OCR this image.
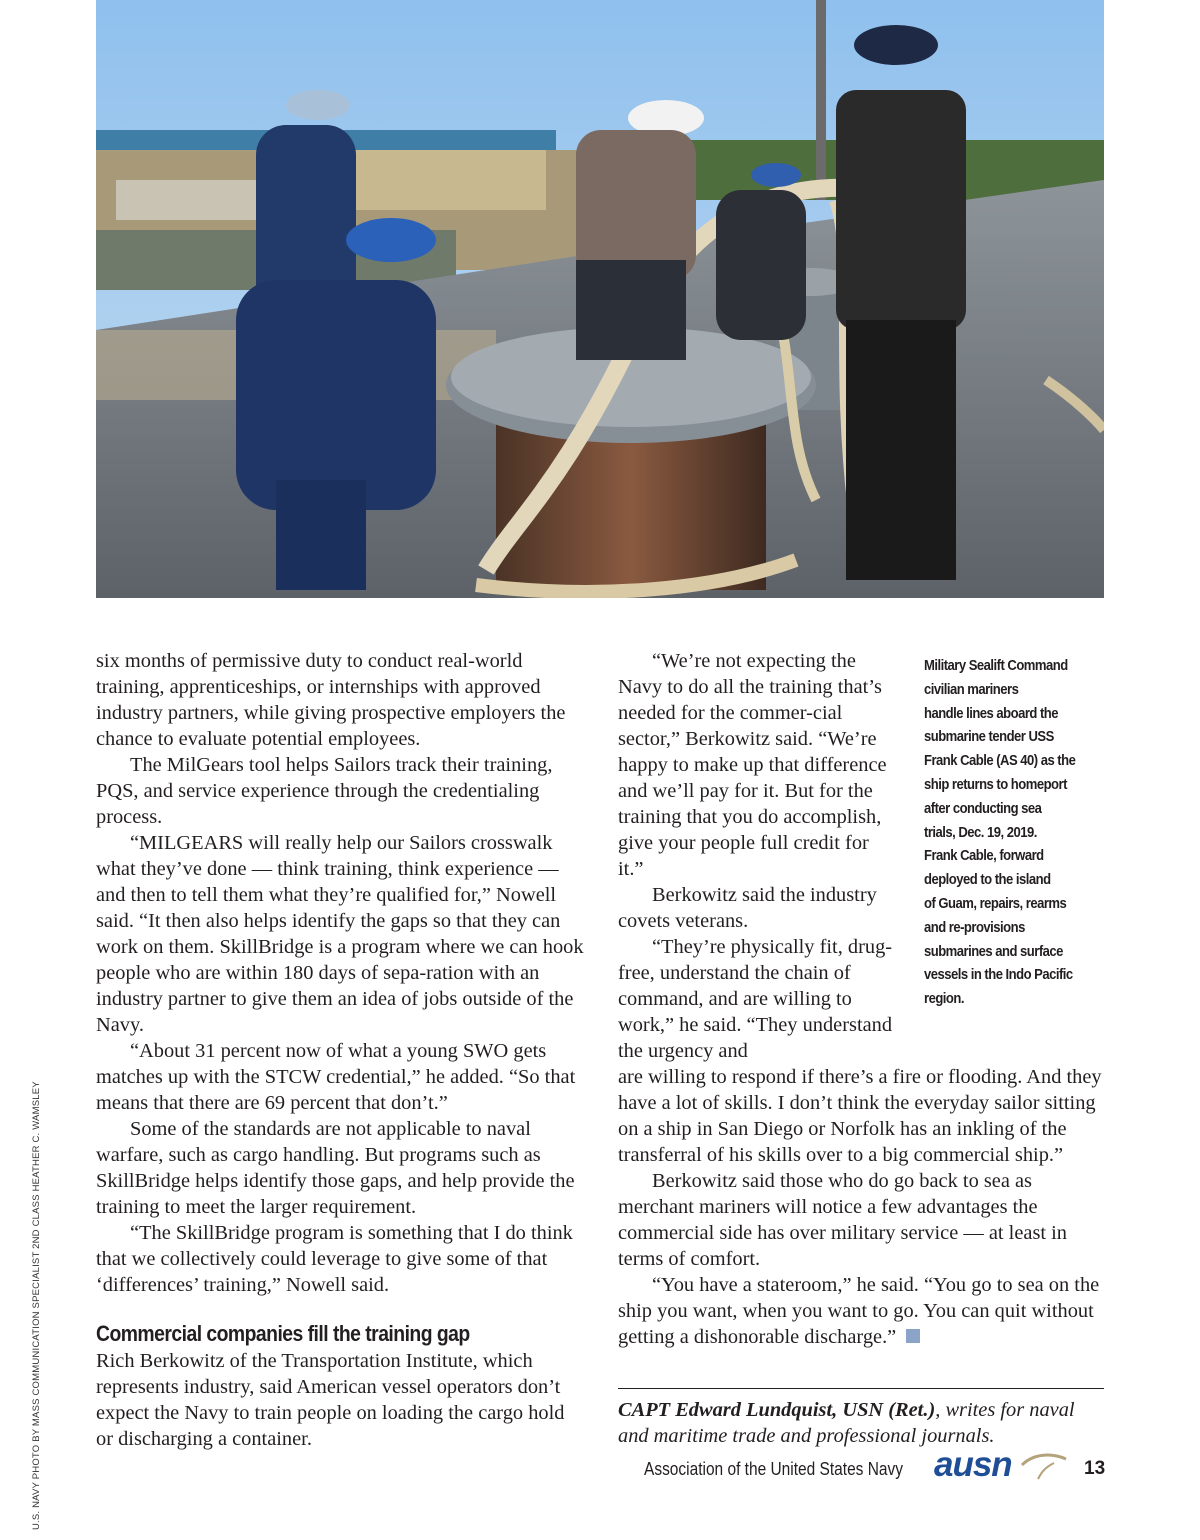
U.S. NAVY PHOTO BY MASS COMMUNICATION SPECIALIST 2ND CLASS HEATHER C. WAMSLEY

six months of permissive duty to conduct real-world training, apprenticeships, or internships with approved industry partners, while giving prospective employers the chance to evaluate potential employees.

The MilGears tool helps Sailors track their training, PQS, and service experience through the credentialing process.

“MILGEARS will really help our Sailors crosswalk what they’ve done — think training, think experience — and then to tell them what they’re qualified for,” Nowell said. “It then also helps identify the gaps so that they can work on them. SkillBridge is a program where we can hook people who are within 180 days of sepa-ration with an industry partner to give them an idea of jobs outside of the Navy.

“About 31 percent now of what a young SWO gets matches up with the STCW credential,” he added. “So that means that there are 69 percent that don’t.”

Some of the standards are not applicable to naval warfare, such as cargo handling. But programs such as SkillBridge helps identify those gaps, and help provide the training to meet the larger requirement.

“The SkillBridge program is something that I do think that we collectively could leverage to give some of that ‘differences’ training,” Nowell said.

Commercial companies fill the training gap

Rich Berkowitz of the Transportation Institute, which represents industry, said American vessel operators don’t expect the Navy to train people on loading the cargo hold or discharging a container.

“We’re not expecting the Navy to do all the training that’s needed for the commer-cial sector,” Berkowitz said. “We’re happy to make up that difference and we’ll pay for it. But for the training that you do accomplish, give your people full credit for it.”

Berkowitz said the industry covets veterans.

“They’re physically fit, drug-free, understand the chain of command, and are willing to work,” he said. “They understand the urgency and

are willing to respond if there’s a fire or flooding. And they have a lot of skills. I don’t think the everyday sailor sitting on a ship in San Diego or Norfolk has an inkling of the transferral of his skills over to a big commercial ship.”

Berkowitz said those who do go back to sea as merchant mariners will notice a few advantages the commercial side has over military service — at least in terms of comfort.

“You have a stateroom,” he said. “You go to sea on the ship you want, when you want to go. You can quit without getting a dishonorable discharge.”

Military Sealift Command
civilian mariners
handle lines aboard the
submarine tender USS
Frank Cable (AS 40) as the
ship returns to homeport
after conducting sea
trials, Dec. 19, 2019.
Frank Cable, forward
deployed to the island
of Guam, repairs, rearms
and re-provisions
submarines and surface
vessels in the Indo Pacific
region.
CAPT Edward Lundquist, USN (Ret.), writes for naval and maritime trade and professional journals.
Association of the United States Navy ausn	13
